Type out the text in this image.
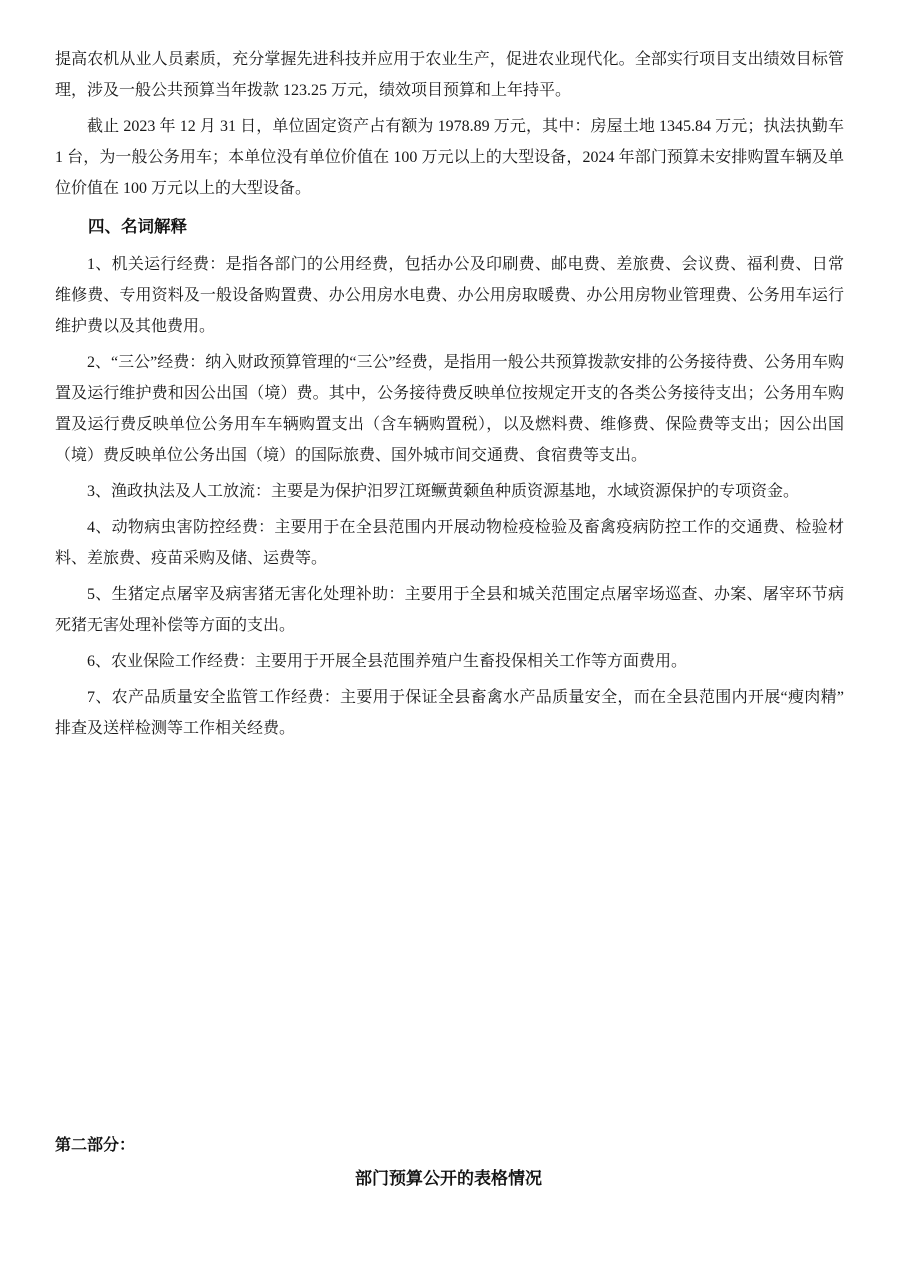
提高农机从业人员素质，充分掌握先进科技并应用于农业生产，促进农业现代化。全部实行项目支出绩效目标管理，涉及一般公共预算当年拨款 123.25 万元，绩效项目预算和上年持平。

截止 2023 年 12 月 31 日，单位固定资产占有额为 1978.89 万元，其中：房屋土地 1345.84 万元；执法执勤车 1 台，为一般公务用车；本单位没有单位价值在 100 万元以上的大型设备，2024 年部门预算未安排购置车辆及单位价值在 100 万元以上的大型设备。

四、名词解释

1、机关运行经费：是指各部门的公用经费，包括办公及印刷费、邮电费、差旅费、会议费、福利费、日常维修费、专用资料及一般设备购置费、办公用房水电费、办公用房取暖费、办公用房物业管理费、公务用车运行维护费以及其他费用。

2、“三公”经费：纳入财政预算管理的“三公”经费，是指用一般公共预算拨款安排的公务接待费、公务用车购置及运行维护费和因公出国（境）费。其中，公务接待费反映单位按规定开支的各类公务接待支出；公务用车购置及运行费反映单位公务用车车辆购置支出（含车辆购置税），以及燃料费、维修费、保险费等支出；因公出国（境）费反映单位公务出国（境）的国际旅费、国外城市间交通费、食宿费等支出。

3、渔政执法及人工放流：主要是为保护汨罗江斑鳜黄颡鱼种质资源基地，水域资源保护的专项资金。

4、动物病虫害防控经费：主要用于在全县范围内开展动物检疫检验及畜禽疫病防控工作的交通费、检验材料、差旅费、疫苗采购及储、运费等。

5、生猪定点屠宰及病害猪无害化处理补助：主要用于全县和城关范围定点屠宰场巡查、办案、屠宰环节病死猪无害处理补偿等方面的支出。

6、农业保险工作经费：主要用于开展全县范围养殖户生畜投保相关工作等方面费用。

7、农产品质量安全监管工作经费：主要用于保证全县畜禽水产品质量安全，而在全县范围内开展“瘦肉精”排查及送样检测等工作相关经费。

第二部分：
部门预算公开的表格情况
